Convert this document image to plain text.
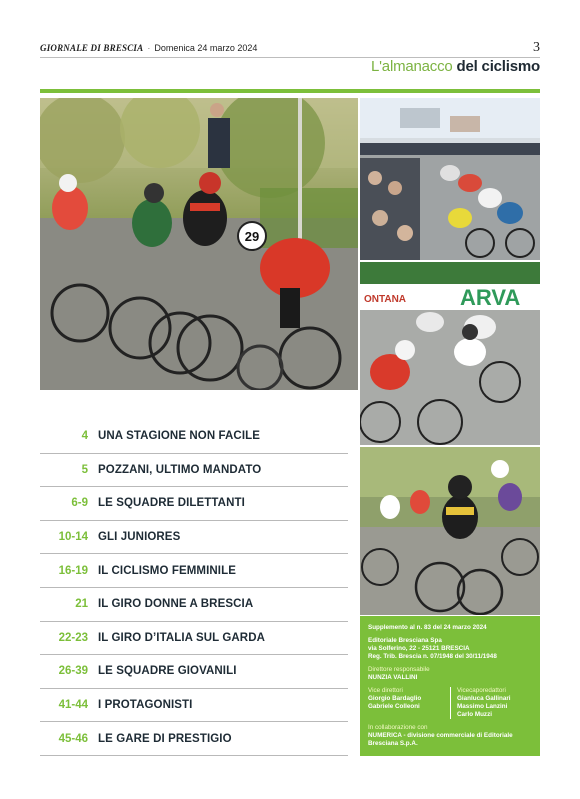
GIORNALE DI BRESCIA · Domenica 24 marzo 2024	3
L'almanacco del ciclismo
29
ONTANA ARVA
4 UNA STAGIONE NON FACILE
5 POZZANI, ULTIMO MANDATO
6-9 LE SQUADRE DILETTANTI
10-14 GLI JUNIORES
16-19 IL CICLISMO FEMMINILE
21 IL GIRO DONNE A BRESCIA
22-23 IL GIRO D’ITALIA SUL GARDA
26-39 LE SQUADRE GIOVANILI
41-44 I PROTAGONISTI
45-46 LE GARE DI PRESTIGIO
Supplemento al n. 83 del 24 marzo 2024
Editoriale Bresciana Spa
via Solferino, 22 - 25121 BRESCIA
Reg. Trib. Brescia n. 07/1948 del 30/11/1948
Direttore responsabile
NUNZIA VALLINI
Vice direttori
Giorgio Bardaglio
Gabriele Colleoni
Vicecaporedattori
Gianluca Gallinari
Massimo Lanzini
Carlo Muzzi
In collaborazione con
NUMERICA - divisione commerciale di Editoriale Bresciana S.p.A.
